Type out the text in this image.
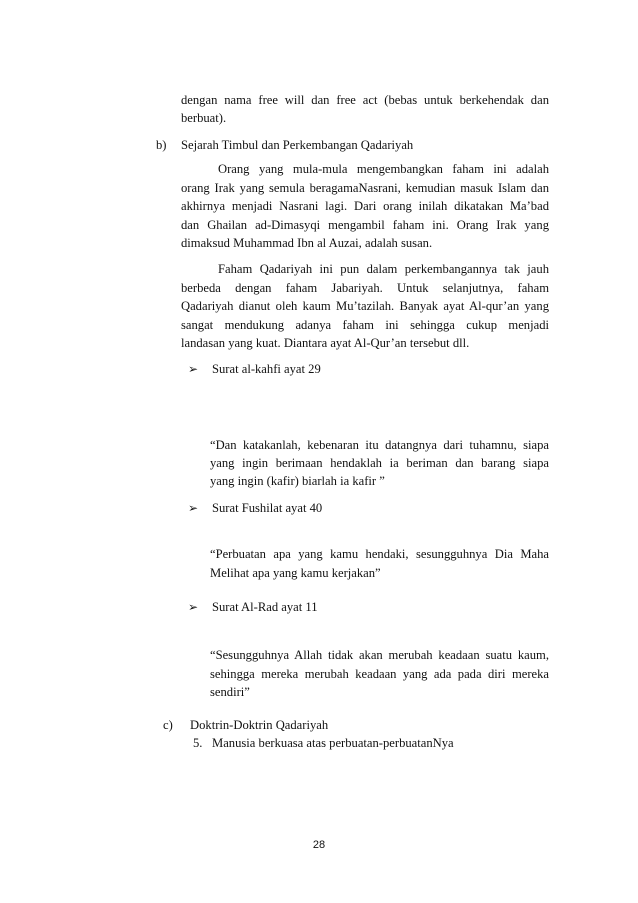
dengan nama free will dan free act (bebas untuk berkehendak dan
berbuat).
b) Sejarah Timbul dan Perkembangan Qadariyah
Orang yang mula-mula mengembangkan faham ini adalah
orang Irak yang semula beragamaNasrani, kemudian masuk Islam dan
akhirnya menjadi Nasrani lagi. Dari orang inilah dikatakan Ma’bad
dan Ghailan ad-Dimasyqi mengambil faham ini. Orang Irak yang
dimaksud Muhammad Ibn al Auzai, adalah susan.
Faham Qadariyah ini pun dalam perkembangannya tak jauh
berbeda dengan faham Jabariyah. Untuk selanjutnya, faham
Qadariyah dianut oleh kaum Mu’tazilah. Banyak ayat Al-qur’an yang
sangat mendukung adanya faham ini sehingga cukup menjadi
landasan yang kuat. Diantara ayat Al-Qur’an tersebut dll.
➢ Surat al-kahfi ayat 29
“Dan katakanlah, kebenaran itu datangnya dari tuhamnu, siapa
yang ingin berimaan hendaklah ia beriman dan barang siapa
yang ingin (kafir) biarlah ia kafir ”
➢ Surat Fushilat ayat 40
“Perbuatan apa yang kamu hendaki, sesungguhnya Dia Maha
Melihat apa yang kamu kerjakan”
➢ Surat Al-Rad ayat 11
“Sesungguhnya Allah tidak akan merubah keadaan suatu kaum,
sehingga mereka merubah keadaan yang ada pada diri mereka
sendiri”
c) Doktrin-Doktrin Qadariyah
5. Manusia berkuasa atas perbuatan-perbuatanNya
28
